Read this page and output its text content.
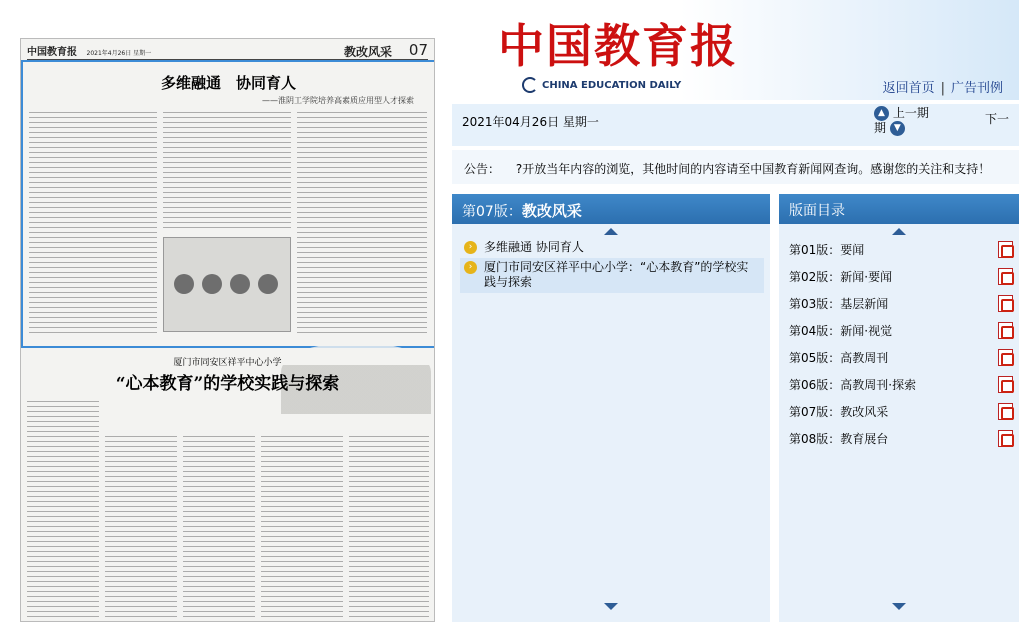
中国教育报 2021年4月26日 星期一	教改风采 07
多维融通　协同育人
——淮阴工学院培养高素质应用型人才探索
厦门市同安区祥平中心小学
“心本教育”的学校实践与探索
中国教育报
CHINA EDUCATION DAILY	返回首页 | 广告刊例
2021年04月26日 星期一
▲ 上一期
期 ▼
下一
公告： ?开放当年内容的浏览，其他时间的内容请至中国教育新闻网查询。感谢您的关注和支持！
第07版：教改风采
› 多维融通 协同育人
› 厦门市同安区祥平中心小学：“心本教育”的学校实践与探索
版面目录
第01版：要闻
第02版：新闻·要闻
第03版：基层新闻
第04版：新闻·视觉
第05版：高教周刊
第06版：高教周刊·探索
第07版：教改风采
第08版：教育展台
